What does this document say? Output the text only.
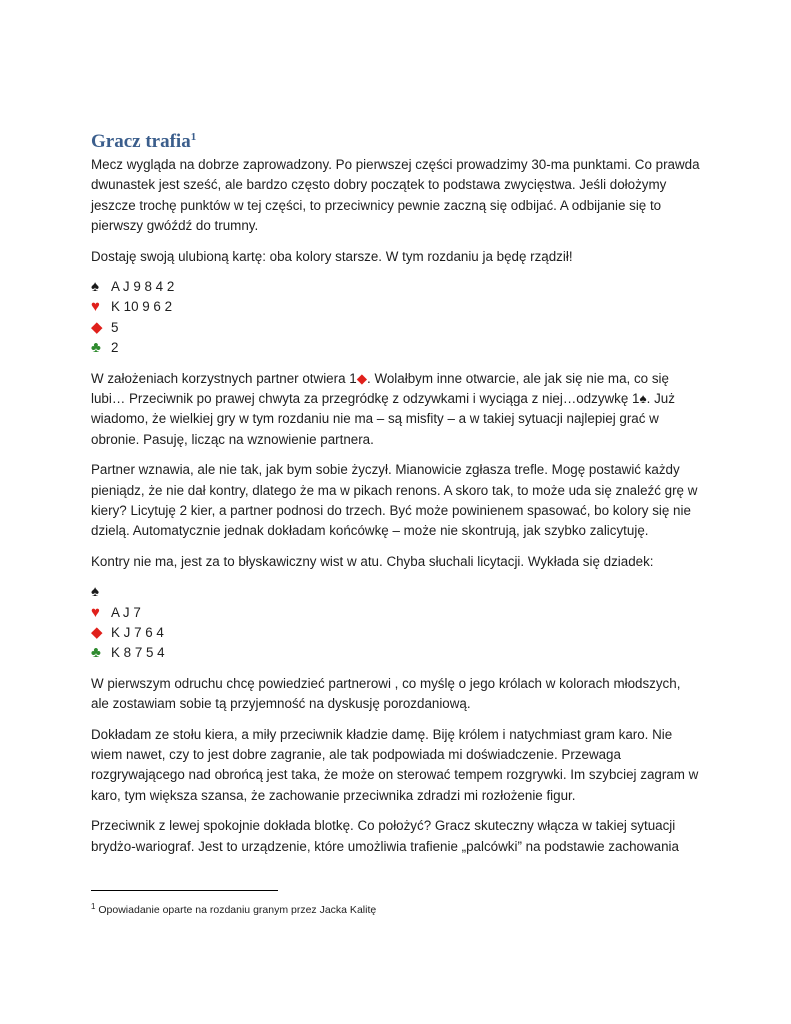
Gracz trafia$^1$

Mecz wygląda na dobrze zaprowadzony. Po pierwszej części prowadzimy 30-ma punktami. Co prawda dwunastek jest sześć, ale bardzo często dobry początek to podstawa zwycięstwa. Jeśli dołożymy jeszcze trochę punktów w tej części, to przeciwnicy pewnie zaczną się odbijać. A odbijanie się to pierwszy gwóźdź do trumny.

Dostaję swoją ulubioną kartę: oba kolory starsze. W tym rozdaniu ja będę rządził!

♠ A J 9 8 4 2
♥ K 10 9 6 2
◆ 5
♣ 2

W założeniach korzystnych partner otwiera 1◆. Wolałbym inne otwarcie, ale jak się nie ma, co się lubi… Przeciwnik po prawej chwyta za przegródkę z odzywkami i wyciąga z niej…odzywkę 1♠. Już wiadomo, że wielkiej gry w tym rozdaniu nie ma – są misfity – a w takiej sytuacji najlepiej grać w obronie. Pasuję, licząc na wznowienie partnera.

Partner wznawia, ale nie tak, jak bym sobie życzył. Mianowicie zgłasza trefle. Mogę postawić każdy pieniądz, że nie dał kontry, dlatego że ma w pikach renons. A skoro tak, to może uda się znaleźć grę w kiery? Licytuję 2 kier, a partner podnosi do trzech. Być może powinienem spasować, bo kolory się nie dzielą. Automatycznie jednak dokładam końcówkę – może nie skontrują, jak szybko zalicytuję.

Kontry nie ma, jest za to błyskawiczny wist w atu. Chyba słuchali licytacji. Wykłada się dziadek:

♠
♥ A J 7
◆ K J 7 6 4
♣ K 8 7 5 4

W pierwszym odruchu chcę powiedzieć partnerowi , co myślę o jego królach w kolorach młodszych, ale zostawiam sobie tą przyjemność na dyskusję porozdaniową.

Dokładam ze stołu kiera, a miły przeciwnik kładzie damę. Biję królem i natychmiast gram karo. Nie wiem nawet, czy to jest dobre zagranie, ale tak podpowiada mi doświadczenie. Przewaga rozgrywającego nad obrońcą jest taka, że może on sterować tempem rozgrywki. Im szybciej zagram w karo, tym większa szansa, że zachowanie przeciwnika zdradzi mi rozłożenie figur.

Przeciwnik z lewej spokojnie dokłada blotkę. Co położyć? Gracz skuteczny włącza w takiej sytuacji brydżo-wariograf. Jest to urządzenie, które umożliwia trafienie „palcówki” na podstawie zachowania

$^1$ Opowiadanie oparte na rozdaniu granym przez Jacka Kalitę
